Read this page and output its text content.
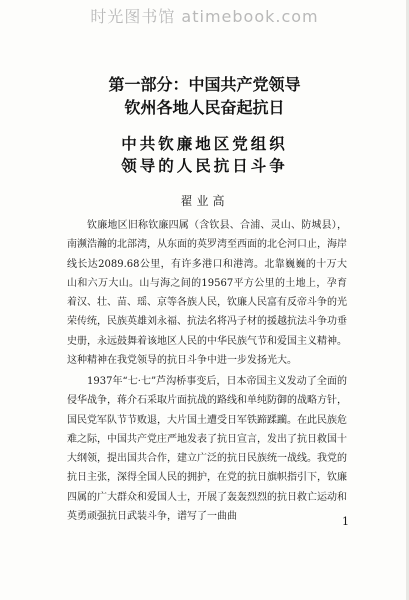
时光图书馆 atimebook.com
第一部分：中国共产党领导
钦州各地人民奋起抗日
中共钦廉地区党组织
领导的人民抗日斗争
翟业高

钦廉地区旧称钦廉四属（含钦县、合浦、灵山、防城县），南濒浩瀚的北部湾，从东面的英罗湾至西面的北仑河口止，海岸线长达2089.68公里，有许多港口和港湾。北靠巍巍的十万大山和六万大山。山与海之间的19567平方公里的土地上，孕育着汉、壮、苗、瑶、京等各族人民，钦廉人民富有反帝斗争的光荣传统，民族英雄刘永福、抗法名将冯子材的援越抗法斗争功垂史册，永远鼓舞着该地区人民的中华民族气节和爱国主义精神。这种精神在我党领导的抗日斗争中进一步发扬光大。

1937年“七·七”芦沟桥事变后，日本帝国主义发动了全面的侵华战争，蒋介石采取片面抗战的路线和单纯防御的战略方针，国民党军队节节败退，大片国土遭受日军铁蹄蹂躏。在此民族危难之际，中国共产党庄严地发表了抗日宣言，发出了抗日救国十大纲领，提出国共合作，建立广泛的抗日民族统一战线。我党的抗日主张，深得全国人民的拥护，在党的抗日旗帜指引下，钦廉四属的广大群众和爱国人士，开展了轰轰烈烈的抗日救亡运动和英勇顽强抗日武装斗争，谱写了一曲曲	1
